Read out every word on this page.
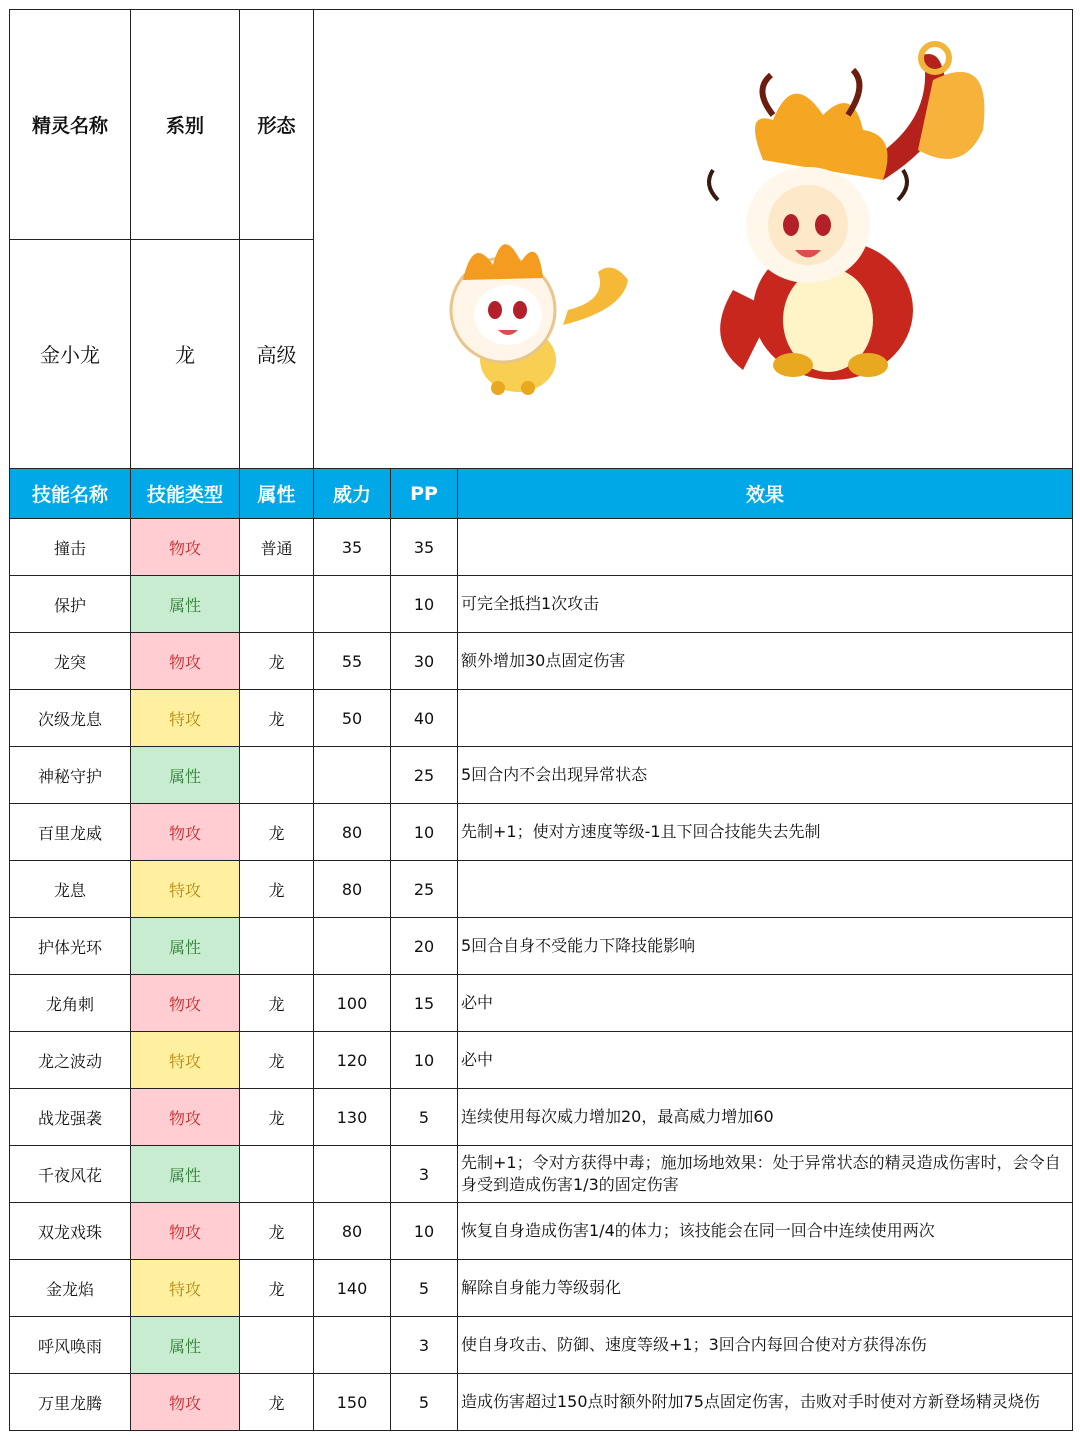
精灵名称	系别	形态	
金小龙	龙	高级			
技能名称	技能类型	属性	威力	PP	效果
撞击	物攻	普通	35	35	
保护	属性			10	可完全抵挡1次攻击
龙突	物攻	龙	55	30	额外增加30点固定伤害
次级龙息	特攻	龙	50	40	
神秘守护	属性			25	5回合内不会出现异常状态
百里龙威	物攻	龙	80	10	先制+1；使对方速度等级-1且下回合技能失去先制
龙息	特攻	龙	80	25	
护体光环	属性			20	5回合自身不受能力下降技能影响
龙角刺	物攻	龙	100	15	必中
龙之波动	特攻	龙	120	10	必中
战龙强袭	物攻	龙	130	5	连续使用每次威力增加20，最高威力增加60
千夜风花	属性			3	先制+1；令对方获得中毒；施加场地效果：处于异常状态的精灵造成伤害时，会令自身受到造成伤害1/3的固定伤害
双龙戏珠	物攻	龙	80	10	恢复自身造成伤害1/4的体力；该技能会在同一回合中连续使用两次
金龙焰	特攻	龙	140	5	解除自身能力等级弱化
呼风唤雨	属性			3	使自身攻击、防御、速度等级+1；3回合内每回合使对方获得冻伤
万里龙腾	物攻	龙	150	5	造成伤害超过150点时额外附加75点固定伤害，击败对手时使对方新登场精灵烧伤
